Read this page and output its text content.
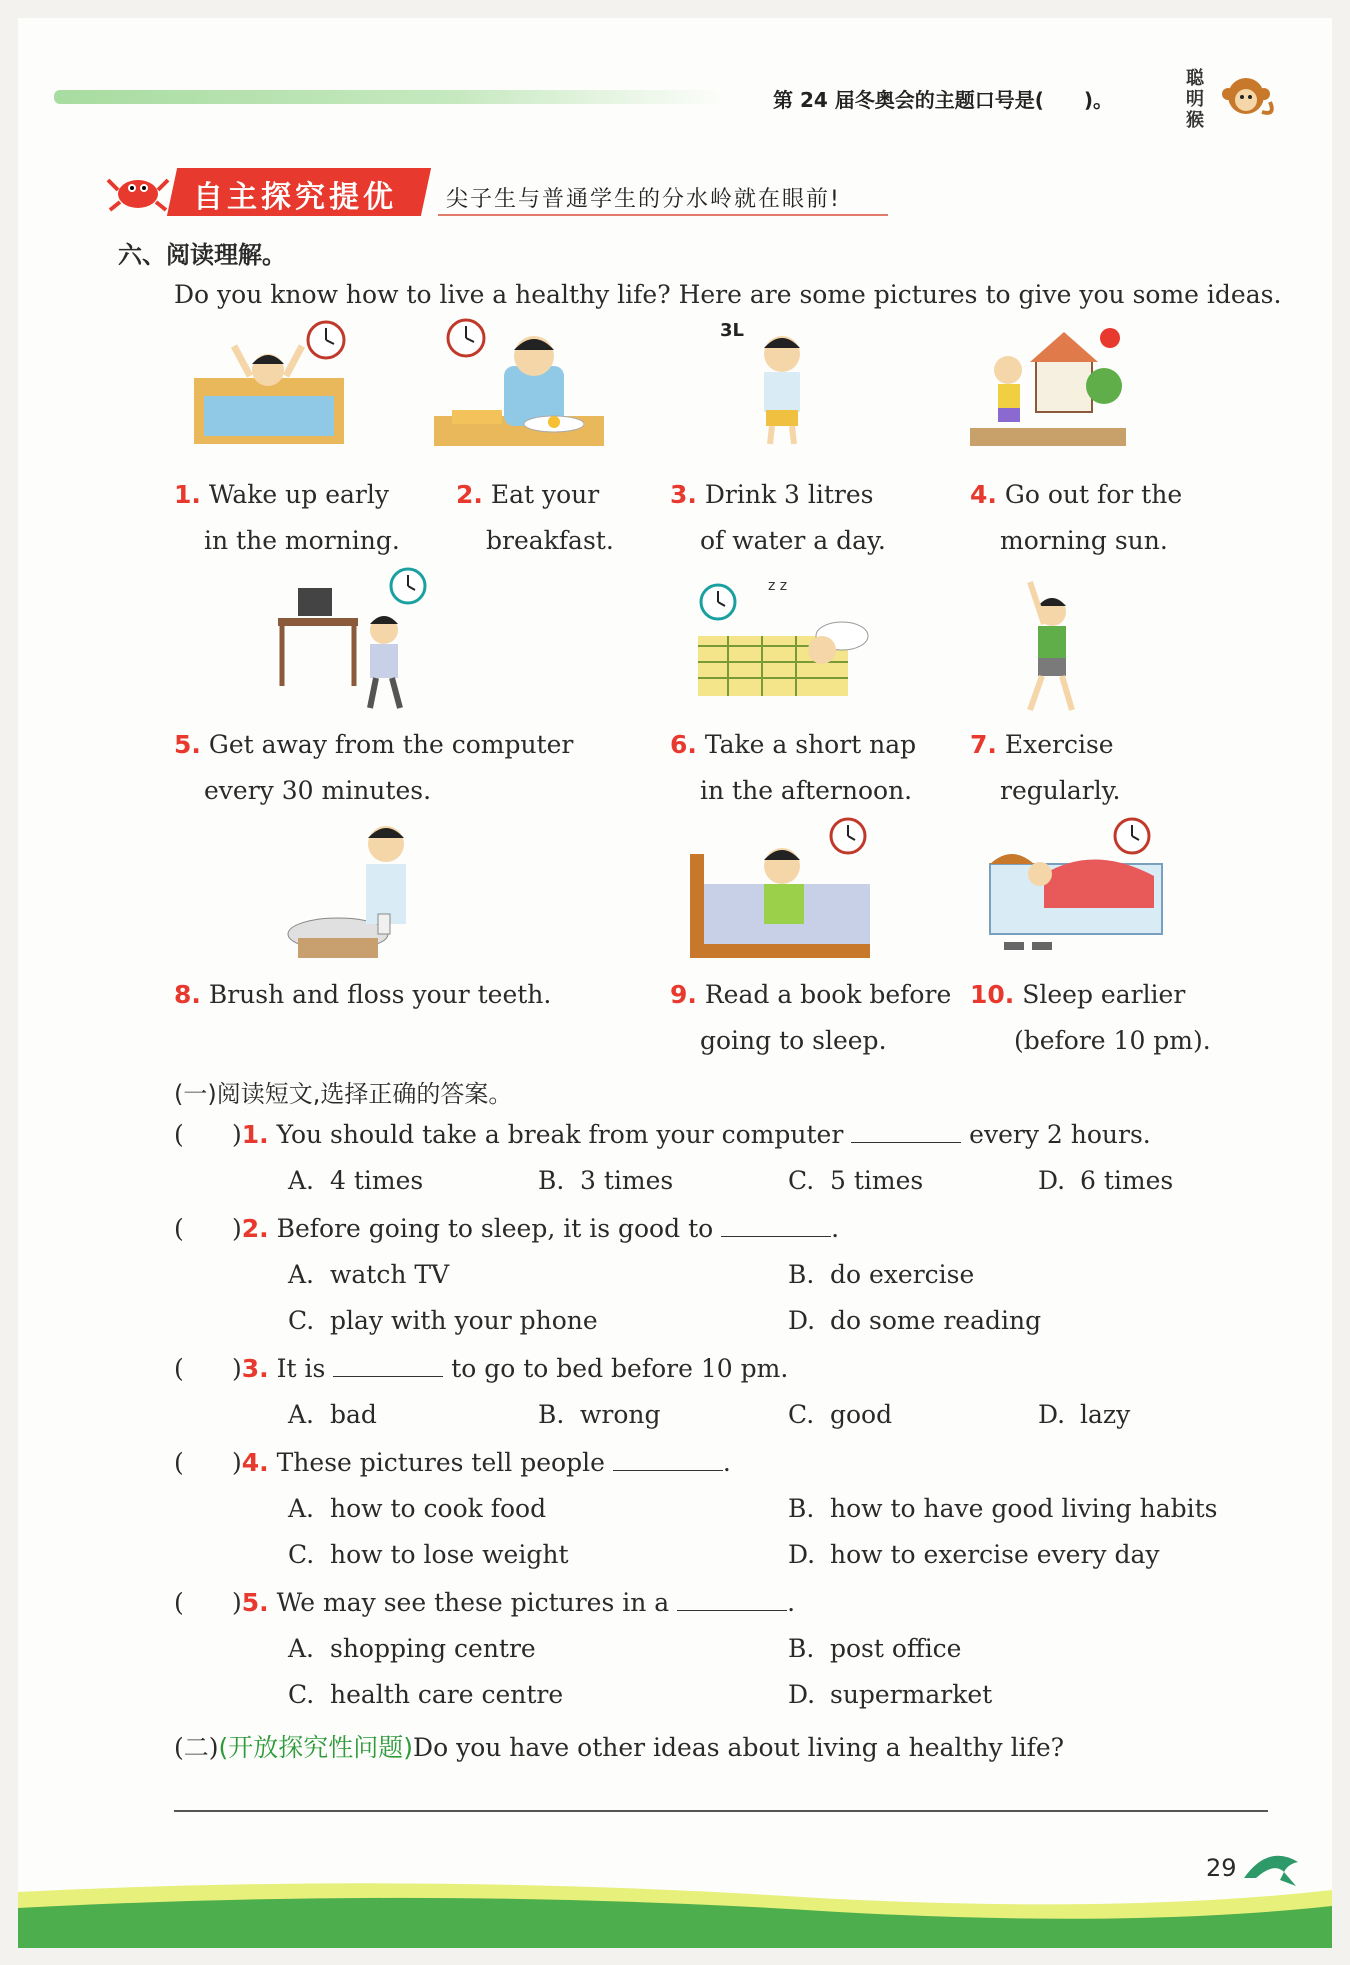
第 24 届冬奥会的主题口号是(　　)。
聪明猴
自主探究提优 尖子生与普通学生的分水岭就在眼前!
六、阅读理解。
Do you know how to live a healthy life? Here are some pictures to give you some ideas.
3L
1. Wake up early
in the morning.
2. Eat your
breakfast.
3. Drink 3 litres
of water a day.
4. Go out for the
morning sun.
z z
5. Get away from the computer
every 30 minutes.
6. Take a short nap
in the afternoon.
7. Exercise
regularly.
8. Brush and floss your teeth.	9. Read a book before
going to sleep.
10. Sleep earlier
(before 10 pm).
(一)阅读短文,选择正确的答案。
( )1. You should take a break from your computer	every 2 hours.
A. 4 times	B. 3 times	C. 5 times	D. 6 times
( )2. Before going to sleep, it is good to	.
A. watch TV	B. do exercise
C. play with your phone	D. do some reading
( )3. It is	to go to bed before 10 pm.
A. bad	B. wrong	C. good	D. lazy
( )4. These pictures tell people	.
A. how to cook food	B. how to have good living habits
C. how to lose weight	D. how to exercise every day
( )5. We may see these pictures in a	.
A. shopping centre	B. post office
C. health care centre	D. supermarket
(二)(开放探究性问题)Do you have other ideas about living a healthy life?
29
